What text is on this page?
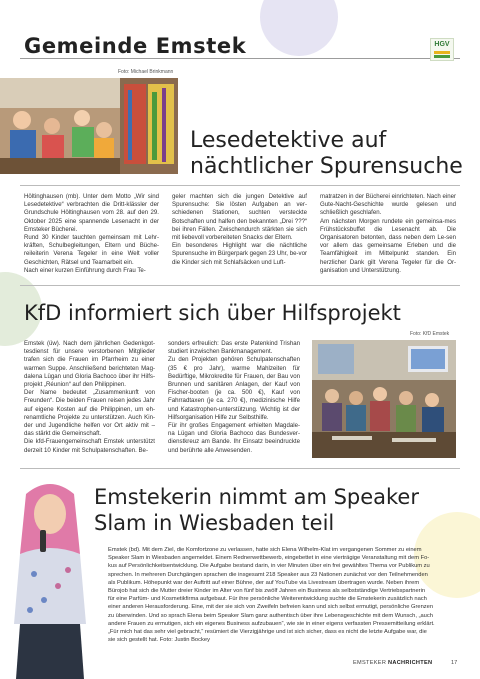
Gemeinde Emstek	HGV
Foto: Michael Brinkmann
Lesedetektive auf
nächtlicher Spurensuche

Höltinghausen (mb). Unter dem Motto „Wir sind Lesedetektive“ verbrachten die Dritt-klässler der Grundschule Höltinghausen vom 28. auf den 29. Oktober 2025 eine spannende Lesenacht in der Emsteker Bücherei.

Rund 30 Kinder tauchten gemeinsam mit Lehr-kräften, Schulbegleitungen, Eltern und Büche-reileiterin Verena Tegeler in eine Welt voller Geschichten, Rätsel und Teamarbeit ein.

Nach einer kurzen Einführung durch Frau Te-

geler machten sich die jungen Detektive auf Spurensuche: Sie lösten Aufgaben an ver-schiedenen Stationen, suchten versteckte Botschaften und halfen den bekannten „Drei ???“ bei ihren Fällen. Zwischendurch stärkten sie sich mit liebevoll vorbereiteten Snacks der Eltern.

Ein besonderes Highlight war die nächtliche Spurensuche im Bürgerpark gegen 23 Uhr, be-vor die Kinder sich mit Schlafsäcken und Luft-

matratzen in der Bücherei einrichteten. Nach einer Gute-Nacht-Geschichte wurde gelesen und schließlich geschlafen.

Am nächsten Morgen rundete ein gemeinsa-mes Frühstücksbuffet die Lesenacht ab. Die Organisatoren betonten, dass neben dem Le-sen vor allem das gemeinsame Erleben und die Teamfähigkeit im Mittelpunkt standen. Ein herzlicher Dank gilt Verena Tegeler für die Or-ganisation und Unterstützung.

KfD informiert sich über Hilfsprojekt
Foto: KfD Emstek

Emstek (üw). Nach dem jährlichen Gedenkgot-tesdienst für unsere verstorbenen Mitglieder trafen sich die Frauen im Pfarrheim zu einer warmen Suppe. Anschließend berichteten Mag-dalena Lügan und Gloria Bachoco über ihr Hilfs-projekt „Réunion“ auf den Philippinen.

Der Name bedeutet „Zusammenkunft von Freunden“. Die beiden Frauen reisen jedes Jahr auf eigene Kosten auf die Philippinen, um eh-renamtliche Projekte zu unterstützen. Auch Kin-der und Jugendliche helfen vor Ort aktiv mit – das stärkt die Gemeinschaft.

Die kfd-Frauengemeinschaft Emstek unterstützt derzeit 10 Kinder mit Schulpatenschaften. Be-

sonders erfreulich: Das erste Patenkind Trishan studiert inzwischen Bankmanagement.

Zu den Projekten gehören Schulpatenschaften (35 € pro Jahr), warme Mahlzeiten für Bedürftige, Mikrokredite für Frauen, der Bau von Brunnen und sanitären Anlagen, der Kauf von Fischer-booten (je ca. 500 €), Kauf von Fahrradtaxen (je ca. 270 €), medizinische Hilfe und Katastrophen-unterstützung. Wichtig ist der Hilfsorganisation Hilfe zur Selbsthilfe.

Für ihr großes Engagement erhielten Magdale-na Lügan und Gloria Bachoco das Bundesver-dienstkreuz am Bande. Ihr Einsatz beeindruckte und berührte alle Anwesenden.

Emstekerin nimmt am Speaker
Slam in Wiesbaden teil
Emstek (bd). Mit dem Ziel, die Komfortzone zu verlassen, hatte sich Elena Wilhelm-Klat im vergangenen Sommer zu einem
Speaker Slam in Wiesbaden angemeldet. Einem Rednerwettbewerb, eingebettet in eine vierträgige Veranstaltung mit dem Fo-
kus auf Persönlichkeitsentwicklung. Die Aufgabe bestand darin, in vier Minuten über ein frei gewähltes Thema vor Publikum zu
sprechen. In mehreren Durchgängen sprachen die insgesamt 218 Speaker aus 23 Nationen zunächst vor den Teilnehmenden
als Publikum. Höhepunkt war der Auftritt auf einer Bühne, der auf YouTube via Livestream übertragen wurde. Neben ihrem
Bürojob hat sich die Mutter dreier Kinder im Alter von fünf bis zwölf Jahren ein Business als selbstständige Vertriebspartnerin
für eine Parfüm- und Kosmetikfirma aufgebaut. Für ihre persönliche Weiterentwicklung suchte die Emstekerin zusätzlich nach
einer anderen Herausforderung. Eine, mit der sie sich von Zweifeln befreien kann und sich selbst ermutigt, persönliche Grenzen
zu überwinden. Und so sprach Elena beim Speaker Slam ganz authentisch über ihre Lebensgeschichte mit dem Wunsch, „auch
andere Frauen zu ermutigen, sich ein eigenes Business aufzubauen“, wie sie in einer eigens verfassten Pressemitteilung erklärt.
„Für mich hat das sehr viel gebracht,“ resümiert die Vierzigjährige und ist sich sicher, dass es nicht die letzte Aufgabe war, die
sie sich gestellt hat. Foto: Justin Bockey
EMSTEKER NACHRICHTEN	17
